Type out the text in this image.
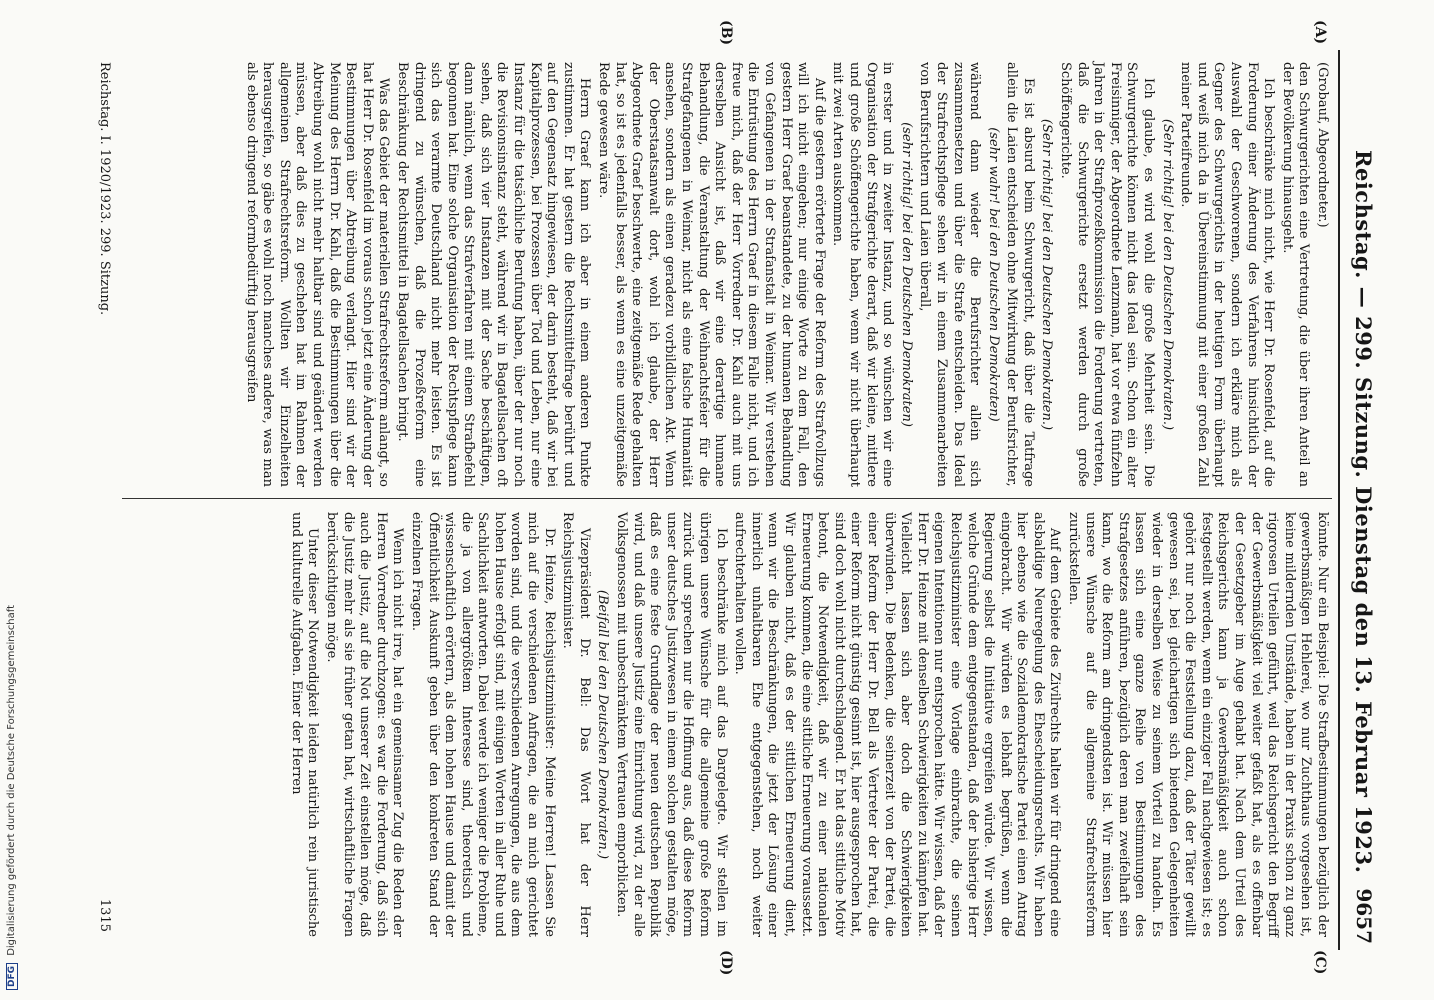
Reichstag. — 299. Sitzung. Dienstag den 13. Februar 1923.
9657
(A)
(B)
(C)
(D)

(Grobauf, Abgeordneter.)

den Schwurgerichten eine Vertretung, die über ihren Anteil an der Bevölkerung hinausgeht.

Ich beschränke mich nicht, wie Herr Dr. Rosenfeld, auf die Forderung einer Änderung des Verfahrens hinsichtlich der Auswahl der Geschworenen, sondern ich erkläre mich als Gegner des Schwurgerichts in der heutigen Form überhaupt und weiß mich da in Übereinstimmung mit einer großen Zahl meiner Parteifreunde.

(Sehr richtig! bei den Deutschen Demokraten.)

Ich glaube, es wird wohl die große Mehrheit sein. Die Schwurgerichte können nicht das Ideal sein. Schon ein alter Freisinniger, der Abgeordnete Lenzmann, hat vor etwa fünfzehn Jahren in der Strafprozeßkommission die Forderung vertreten, daß die Schwurgerichte ersetzt werden durch große Schöffengerichte.

(Sehr richtig! bei den Deutschen Demokraten.)

Es ist absurd beim Schwurgericht, daß über die Tatfrage allein die Laien entscheiden ohne Mitwirkung der Berufsrichter,

(sehr wahr! bei den Deutschen Demokraten)

während dann wieder die Berufsrichter allein sich zusammensetzen und über die Strafe entscheiden. Das Ideal der Strafrechtspflege sehen wir in einem Zusammenarbeiten von Berufsrichtern und Laien überall,

(sehr richtig! bei den Deutschen Demokraten)

in erster und in zweiter Instanz, und so wünschen wir eine Organisation der Strafgerichte derart, daß wir kleine, mittlere und große Schöffengerichte haben, wenn wir nicht überhaupt mit zwei Arten auskommen.

Auf die gestern erörterte Frage der Reform des Strafvollzugs will ich nicht eingehen; nur einige Worte zu dem Fall, den gestern Herr Graef beanstandete, zu der humanen Behandlung von Gefangenen in der Strafanstalt in Weimar. Wir verstehen die Entrüstung des Herrn Graef in diesem Falle nicht, und ich freue mich, daß der Herr Vorredner Dr. Kahl auch mit uns derselben Ansicht ist, daß wir eine derartige humane Behandlung, die Veranstaltung der Weihnachtsfeier für die Strafgefangenen in Weimar, nicht als eine falsche Humanität ansehen, sondern als einen geradezu vorbildlichen Akt. Wenn der Oberstaatsanwalt dort, wohl ich glaube, der Herr Abgeordnete Graef beschwerte, eine zeitgemäße Rede gehalten hat, so ist es jedenfalls besser, als wenn es eine unzeitgemäße Rede gewesen wäre.

Herrn Graef kann ich aber in einem anderen Punkte zustimmen. Er hat gestern die Rechtsmittelfrage berührt und auf den Gegensatz hingewiesen, der darin besteht, daß wir bei Kapitalprozessen, bei Prozessen über Tod und Leben, nur eine Instanz für die tatsächliche Berufung haben, über der nur noch die Revisionsinstanz steht, während wir in Bagatellsachen oft sehen, daß sich vier Instanzen mit der Sache beschäftigen, dann nämlich, wenn das Strafverfahren mit einem Strafbefehl begonnen hat. Eine solche Organisation der Rechtspflege kann sich das verarmte Deutschland nicht mehr leisten. Es ist dringend zu wünschen, daß die Prozeßreform eine Beschränkung der Rechtsmittel in Bagatellsachen bringt.

Was das Gebiet der materiellen Strafrechtsreform anlangt, so hat Herr Dr. Rosenfeld im voraus schon jetzt eine Änderung der Bestimmungen über Abtreibung verlangt. Hier sind wir der Meinung des Herrn Dr. Kahl, daß die Bestimmungen über die Abtreibung wohl nicht mehr haltbar sind und geändert werden müssen, aber daß dies zu geschehen hat im Rahmen der allgemeinen Strafrechtsreform. Wollten wir Einzelheiten herausgreifen, so gäbe es wohl noch manches andere, was man als ebenso dringend reformbedürftig herausgreifen

könnte. Nur ein Beispiel: Die Strafbestimmungen bezüglich der gewerbsmäßigen Hehlerei, wo nur Zuchthaus vorgesehen ist, keine mildernden Umstände, haben in der Praxis schon zu ganz rigorosen Urteilen geführt, weil das Reichsgericht den Begriff der Gewerbsmäßigkeit viel weiter gefaßt hat, als es offenbar der Gesetzgeber im Auge gehabt hat. Nach dem Urteil des Reichsgerichts kann ja Gewerbsmäßigkeit auch schon festgestellt werden, wenn ein einziger Fall nachgewiesen ist; es gehört nur noch die Feststellung dazu, daß der Täter gewillt gewesen sei, bei gleichartigen sich bietenden Gelegenheiten wieder in derselben Weise zu seinem Vorteil zu handeln. Es lassen sich eine ganze Reihe von Bestimmungen des Strafgesetzes anführen, bezüglich deren man zweifelhaft sein kann, wo die Reform am dringendsten ist. Wir müssen hier unsere Wünsche auf die allgemeine Strafrechtsreform zurückstellen.

Auf dem Gebiete des Zivilrechts halten wir für dringend eine alsbaldige Neuregelung des Ehescheidungsrechts. Wir haben hier ebenso wie die Sozialdemokratische Partei einen Antrag eingebracht. Wir würden es lebhaft begrüßen, wenn die Regierung selbst die Initiative ergreifen würde. Wir wissen, welche Gründe dem entgegenstanden, daß der bisherige Herr Reichsjustizminister eine Vorlage einbrachte, die seinen eigenen Intentionen nur entsprochen hätte. Wir wissen, daß der Herr Dr. Heinze mit denselben Schwierigkeiten zu kämpfen hat. Vielleicht lassen sich aber doch die Schwierigkeiten überwinden. Die Bedenken, die seinerzeit von der Partei, die einer Reform der Herr Dr. Bell als Vertreter der Partei, die einer Reform nicht günstig gesinnt ist, hier ausgesprochen hat, sind doch wohl nicht durchschlagend. Er hat das sittliche Motiv betont, die Notwendigkeit, daß wir zu einer nationalen Erneuerung kommen, die eine sittliche Erneuerung voraussetzt. Wir glauben nicht, daß es der sittlichen Erneuerung dient, wenn wir die Beschränkungen, die jetzt der Lösung einer innerlich unhaltbaren Ehe entgegenstehen, noch weiter aufrechterhalten wollen.

Ich beschränke mich auf das Dargelegte. Wir stellen im übrigen unsere Wünsche für die allgemeine große Reform zurück und sprechen nur die Hoffnung aus, daß diese Reform unser deutsches Justizwesen in einem solchen gestalten möge, daß es eine feste Grundlage der neuen deutschen Republik wird, und daß unsere Justiz eine Einrichtung wird, zu der alle Volksgenossen mit unbeschränktem Vertrauen emporblicken.

(Beifall bei den Deutschen Demokraten.)

Vizepräsident Dr. Bell: Das Wort hat der Herr Reichsjustizminister.

Dr. Heinze, Reichsjustizminister: Meine Herren! Lassen Sie mich auf die verschiedenen Anfragen, die an mich gerichtet worden sind, und die verschiedenen Anregungen, die aus dem hohen Hause erfolgt sind, mit einigen Worten in aller Ruhe und Sachlichkeit antworten. Dabei werde ich weniger die Probleme, die ja von allergrößtem Interesse sind, theoretisch und wissenschaftlich erörtern, als dem hohen Hause und damit der Öffentlichkeit Auskunft geben über den konkreten Stand der einzelnen Fragen.

Wenn ich nicht irre, hat ein gemeinsamer Zug die Reden der Herren Vorredner durchzogen: es war die Forderung, daß sich auch die Justiz, auf die Not unserer Zeit einstellen möge, daß die Justiz mehr als sie früher getan hat, wirtschaftliche Fragen berücksichtigen möge.

Unter dieser Notwendigkeit leiden natürlich rein juristische und kulturelle Aufgaben. Einer der Herren

Reichstag. I. 1920/1923. 299. Sitzung.
1315
DFG Digitalisierung gefördert durch die Deutsche Forschungsgemeinschaft
